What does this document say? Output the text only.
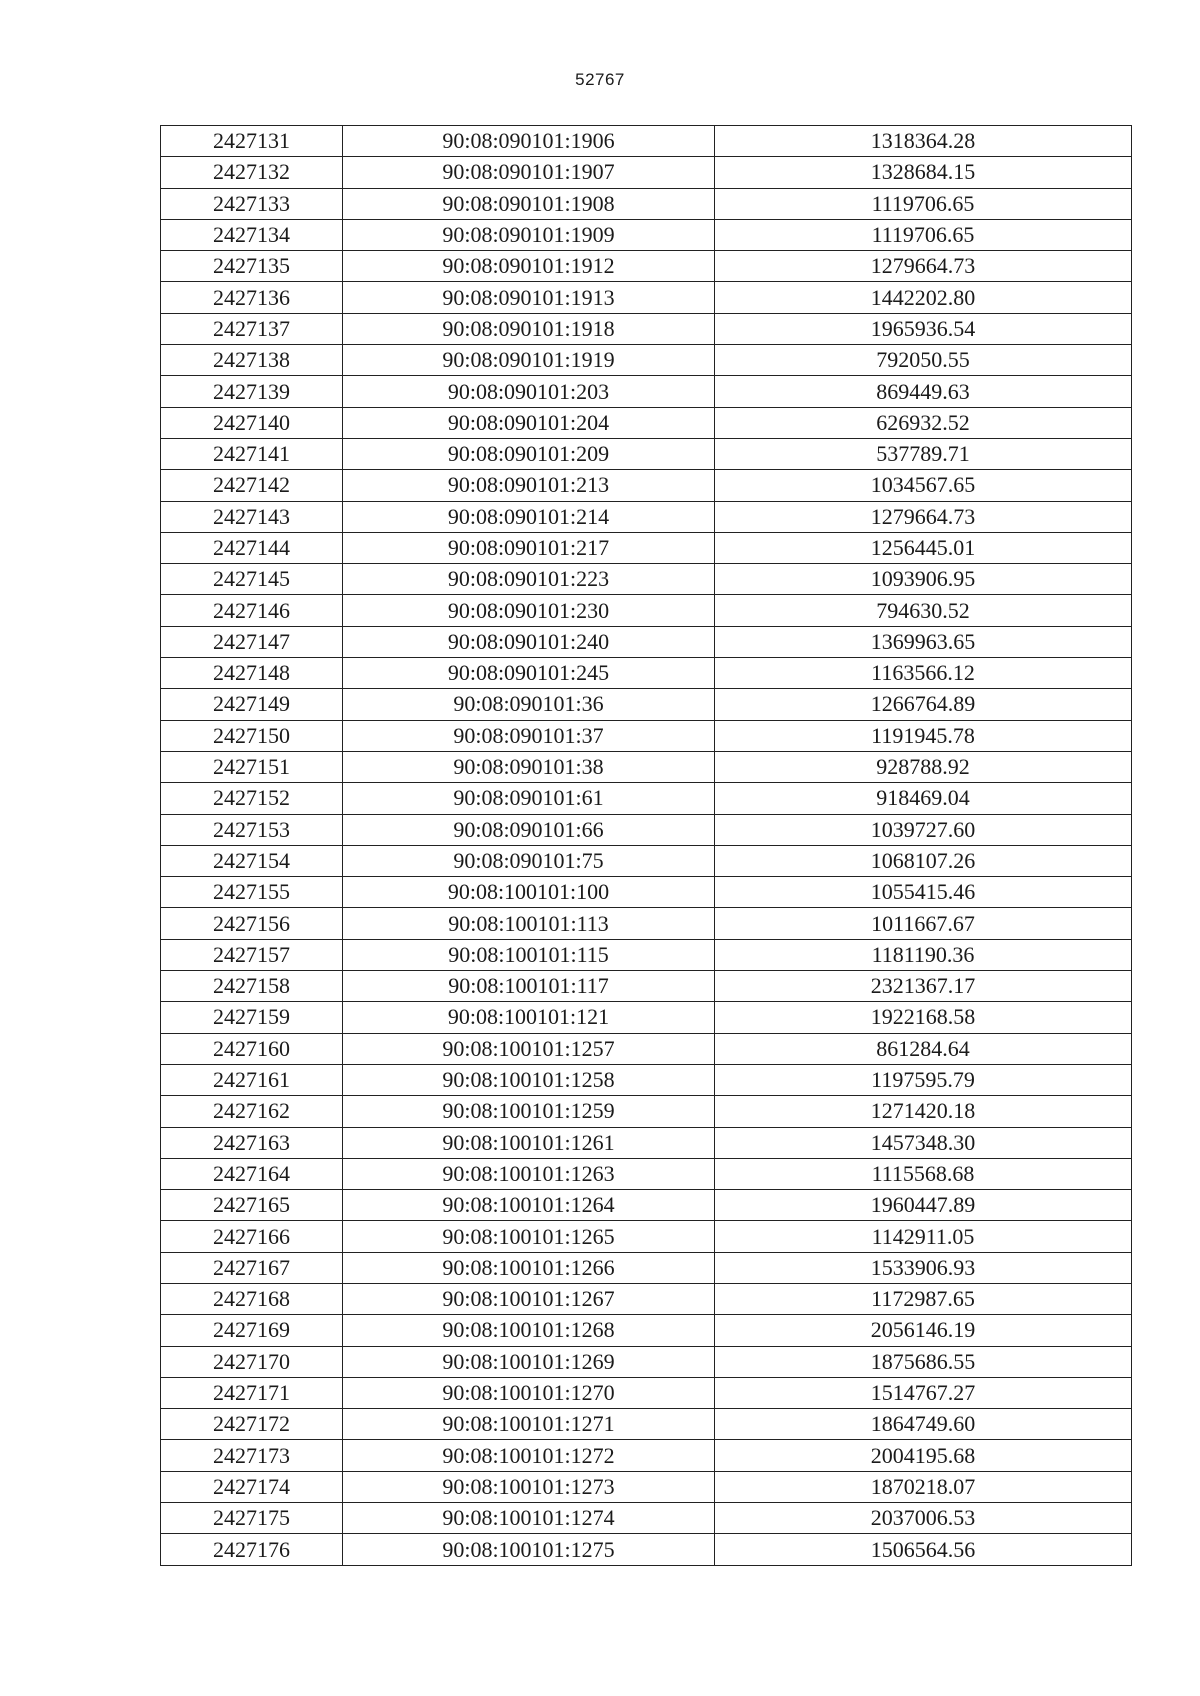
52767
2427131	90:08:090101:1906	1318364.28
2427132	90:08:090101:1907	1328684.15
2427133	90:08:090101:1908	1119706.65
2427134	90:08:090101:1909	1119706.65
2427135	90:08:090101:1912	1279664.73
2427136	90:08:090101:1913	1442202.80
2427137	90:08:090101:1918	1965936.54
2427138	90:08:090101:1919	792050.55
2427139	90:08:090101:203	869449.63
2427140	90:08:090101:204	626932.52
2427141	90:08:090101:209	537789.71
2427142	90:08:090101:213	1034567.65
2427143	90:08:090101:214	1279664.73
2427144	90:08:090101:217	1256445.01
2427145	90:08:090101:223	1093906.95
2427146	90:08:090101:230	794630.52
2427147	90:08:090101:240	1369963.65
2427148	90:08:090101:245	1163566.12
2427149	90:08:090101:36	1266764.89
2427150	90:08:090101:37	1191945.78
2427151	90:08:090101:38	928788.92
2427152	90:08:090101:61	918469.04
2427153	90:08:090101:66	1039727.60
2427154	90:08:090101:75	1068107.26
2427155	90:08:100101:100	1055415.46
2427156	90:08:100101:113	1011667.67
2427157	90:08:100101:115	1181190.36
2427158	90:08:100101:117	2321367.17
2427159	90:08:100101:121	1922168.58
2427160	90:08:100101:1257	861284.64
2427161	90:08:100101:1258	1197595.79
2427162	90:08:100101:1259	1271420.18
2427163	90:08:100101:1261	1457348.30
2427164	90:08:100101:1263	1115568.68
2427165	90:08:100101:1264	1960447.89
2427166	90:08:100101:1265	1142911.05
2427167	90:08:100101:1266	1533906.93
2427168	90:08:100101:1267	1172987.65
2427169	90:08:100101:1268	2056146.19
2427170	90:08:100101:1269	1875686.55
2427171	90:08:100101:1270	1514767.27
2427172	90:08:100101:1271	1864749.60
2427173	90:08:100101:1272	2004195.68
2427174	90:08:100101:1273	1870218.07
2427175	90:08:100101:1274	2037006.53
2427176	90:08:100101:1275	1506564.56
